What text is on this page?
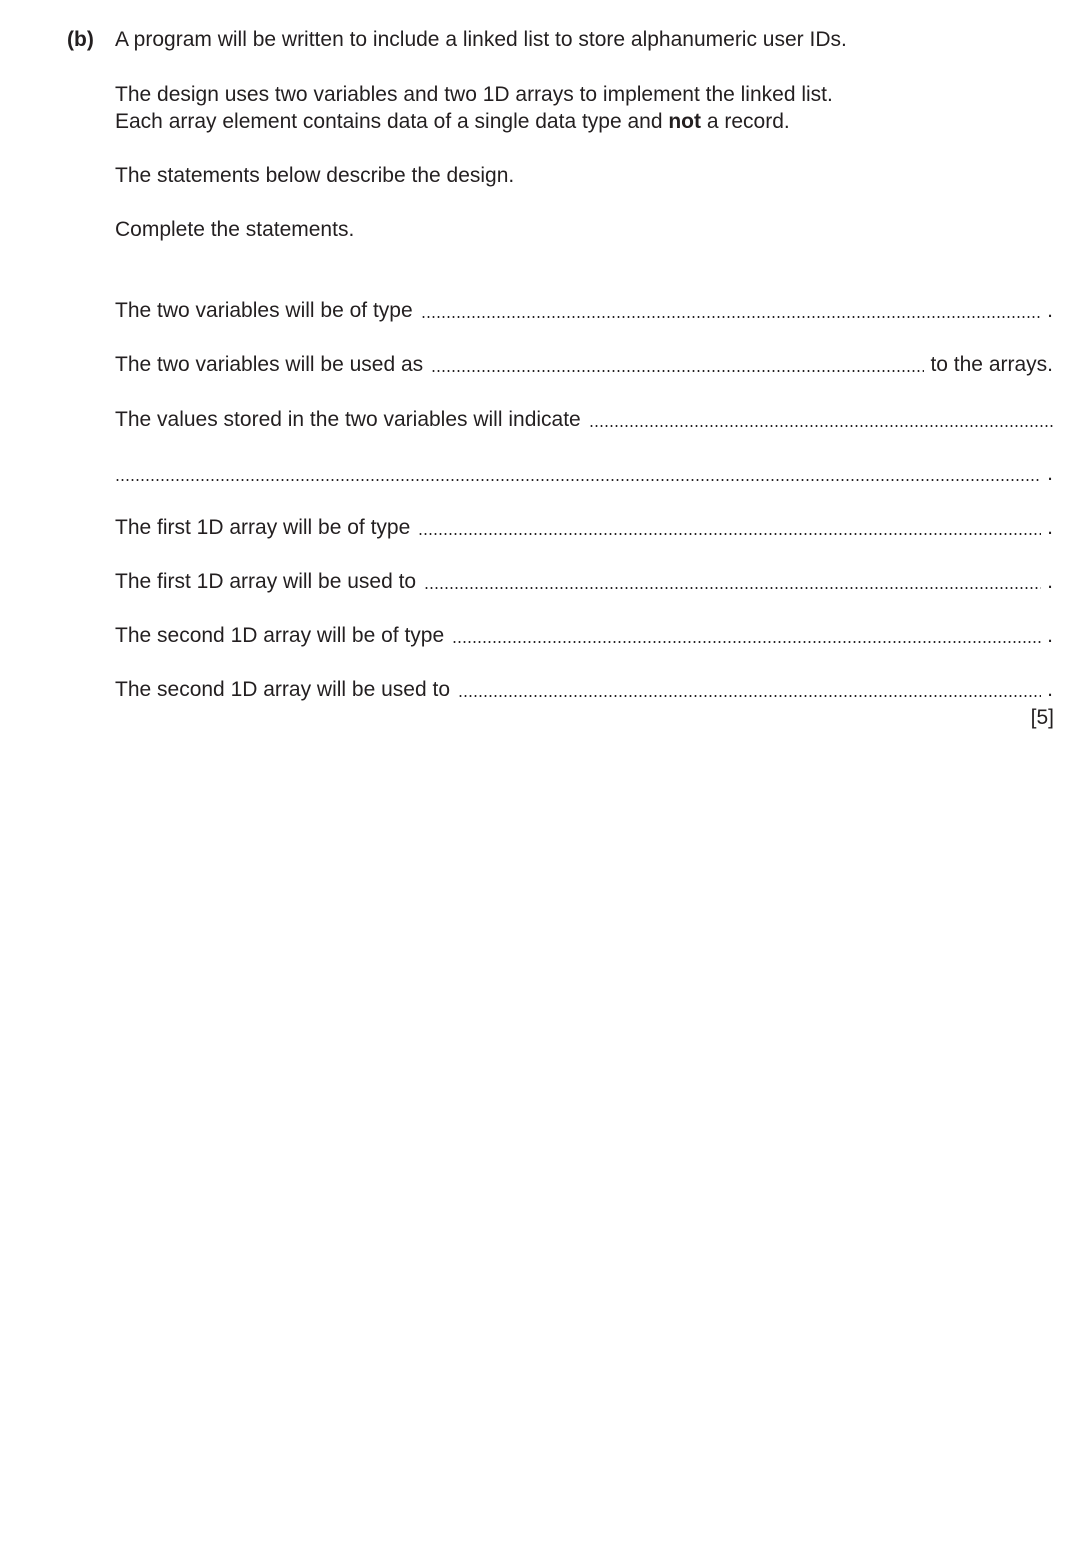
(b) A program will be written to include a linked list to store alphanumeric user IDs.
The design uses two variables and two 1D arrays to implement the linked list.
Each array element contains data of a single data type and not a record.
The statements below describe the design.
Complete the statements.
The two variables will be of type	.
The two variables will be used as	to the arrays.
The values stored in the two variables will indicate
.
The first 1D array will be of type	.
The first 1D array will be used to	.
The second 1D array will be of type	.
The second 1D array will be used to	.
[5]
